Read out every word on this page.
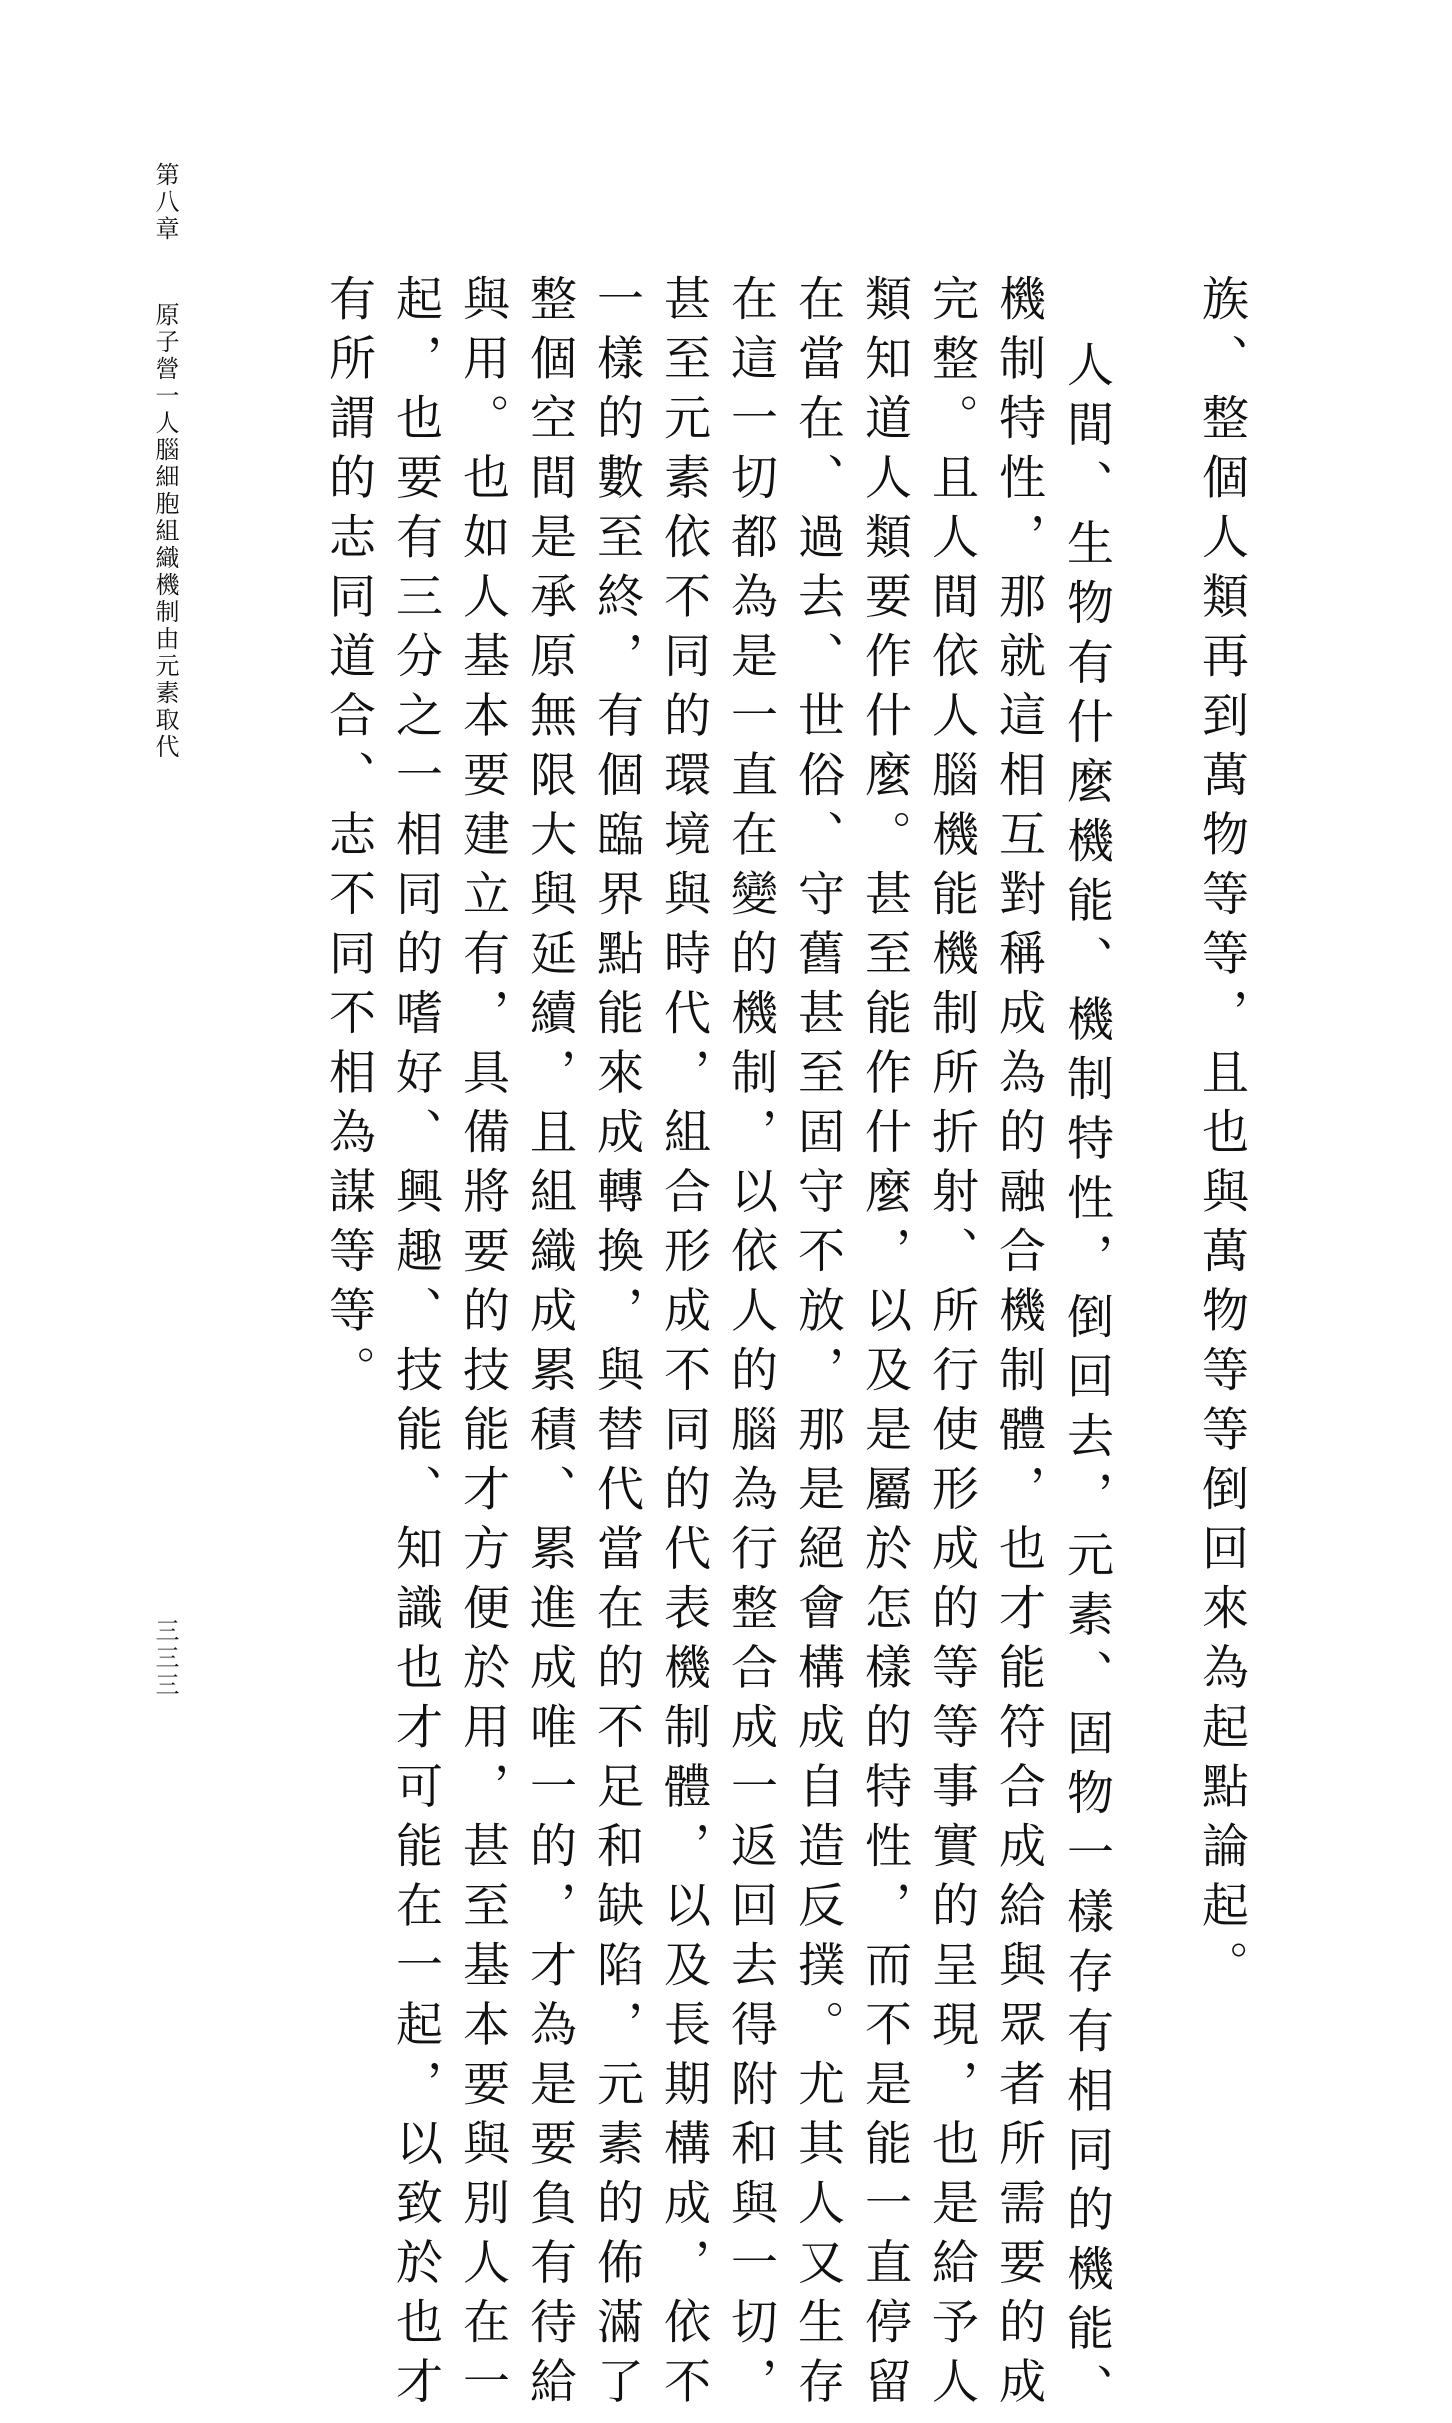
第八章
原子營一人腦細胞組織機制由元素取代
三三三	族、整個人類再到萬物等等，且也與萬物等等倒回來為起點論起。
人間、生物有什麼機能、機制特性，倒回去，元素、固物一樣存有相同的機能、
機制特性，那就這相互對稱成為的融合機制體，也才能符合成給與眾者所需要的成
完整。且人間依人腦機能機制所折射、所行使形成的等等事實的呈現，也是給予人
類知道人類要作什麼。甚至能作什麼，以及是屬於怎樣的特性，而不是能一直停留
在當在、過去、世俗、守舊甚至固守不放，那是絕會構成自造反撲。尤其人又生存
在這一切都為是一直在變的機制，以依人的腦為行整合成一返回去得附和與一切，
甚至元素依不同的環境與時代，組合形成不同的代表機制體，以及長期構成，依不
一樣的數至終，有個臨界點能來成轉換，與替代當在的不足和缺陷，元素的佈滿了
整個空間是承原無限大與延續，且組織成累積、累進成唯一的，才為是要負有待給
與用。也如人基本要建立有，具備將要的技能才方便於用，甚至基本要與別人在一
起，也要有三分之一相同的嗜好、興趣、技能、知識也才可能在一起，以致於也才
有所謂的志同道合、志不同不相為謀等等。
